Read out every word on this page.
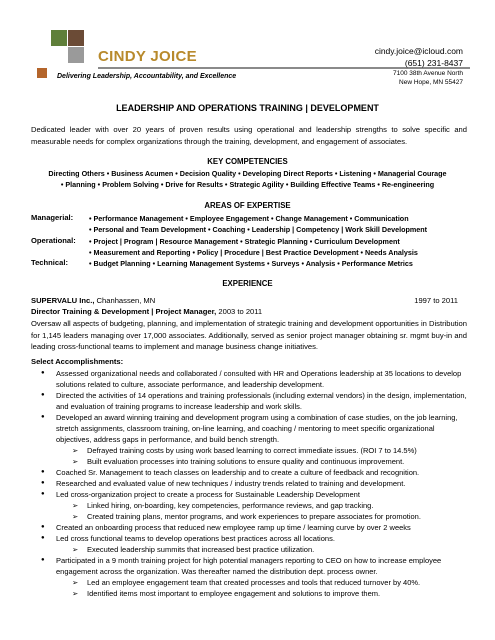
CINDY JOICE
Delivering Leadership, Accountability, and Excellence
cindy.joice@icloud.com
(651) 231-8437
7100 38th Avenue North
New Hope, MN 55427
LEADERSHIP AND OPERATIONS TRAINING | DEVELOPMENT
Dedicated leader with over 20 years of proven results using operational and leadership strengths to solve specific and measurable needs for complex organizations through the training, development, and engagement of associates.
KEY COMPETENCIES
Directing Others • Business Acumen • Decision Quality • Developing Direct Reports • Listening • Managerial Courage
• Planning • Problem Solving • Drive for Results • Strategic Agility • Building Effective Teams • Re-engineering
AREAS OF EXPERTISE
Managerial: • Performance Management • Employee Engagement • Change Management • Communication
• Personal and Team Development • Coaching • Leadership | Competency | Work Skill Development
Operational: • Project | Program | Resource Management • Strategic Planning • Curriculum Development
• Measurement and Reporting • Policy | Procedure | Best Practice Development • Needs Analysis
Technical:	• Budget Planning • Learning Management Systems • Surveys • Analysis • Performance Metrics
EXPERIENCE
SUPERVALU Inc., Chanhassen, MN	1997 to 2011
Director Training & Development | Project Manager, 2003 to 2011
Oversaw all aspects of budgeting, planning, and implementation of strategic training and development opportunities in Distribution for 1,145 leaders managing over 17,000 associates. Additionally, served as senior project manager obtaining sr. mgmt buy-in and leading cross-functional teams to implement and manage business change initiatives.
Select Accomplishments:
● Assessed organizational needs and collaborated / consulted with HR and Operations leadership at 35 locations to develop solutions related to culture, associate performance, and leadership development.
● Directed the activities of 14 operations and training professionals (including external vendors) in the design, implementation, and evaluation of training programs to increase leadership and work skills.
● Developed an award winning training and development program using a combination of case studies, on the job learning, stretch assignments, classroom training, on-line learning, and coaching / mentoring to meet specific organizational objectives, address gaps in performance, and build bench strength.
➢ Defrayed training costs by using work based learning to correct immediate issues. (ROI 7 to 14.5%)
➢ Built evaluation processes into training solutions to ensure quality and continuous improvement.
● Coached Sr. Management to teach classes on leadership and to create a culture of feedback and recognition.
● Researched and evaluated value of new techniques / industry trends related to training and development.
● Led cross-organization project to create a process for Sustainable Leadership Development
➢ Linked hiring, on-boarding, key competencies, performance reviews, and gap tracking.
➢ Created training plans, mentor programs, and work experiences to prepare associates for promotion.
● Created an onboarding process that reduced new employee ramp up time / learning curve by over 2 weeks
● Led cross functional teams to develop operations best practices across all locations.
➢ Executed leadership summits that increased best practice utilization.
● Participated in a 9 month training project for high potential managers reporting to CEO on how to increase employee engagement across the organization. Was thereafter named the distribution dept. process owner.
➢ Led an employee engagement team that created processes and tools that reduced turnover by 40%.
➢ Identified items most important to employee engagement and solutions to improve them.
